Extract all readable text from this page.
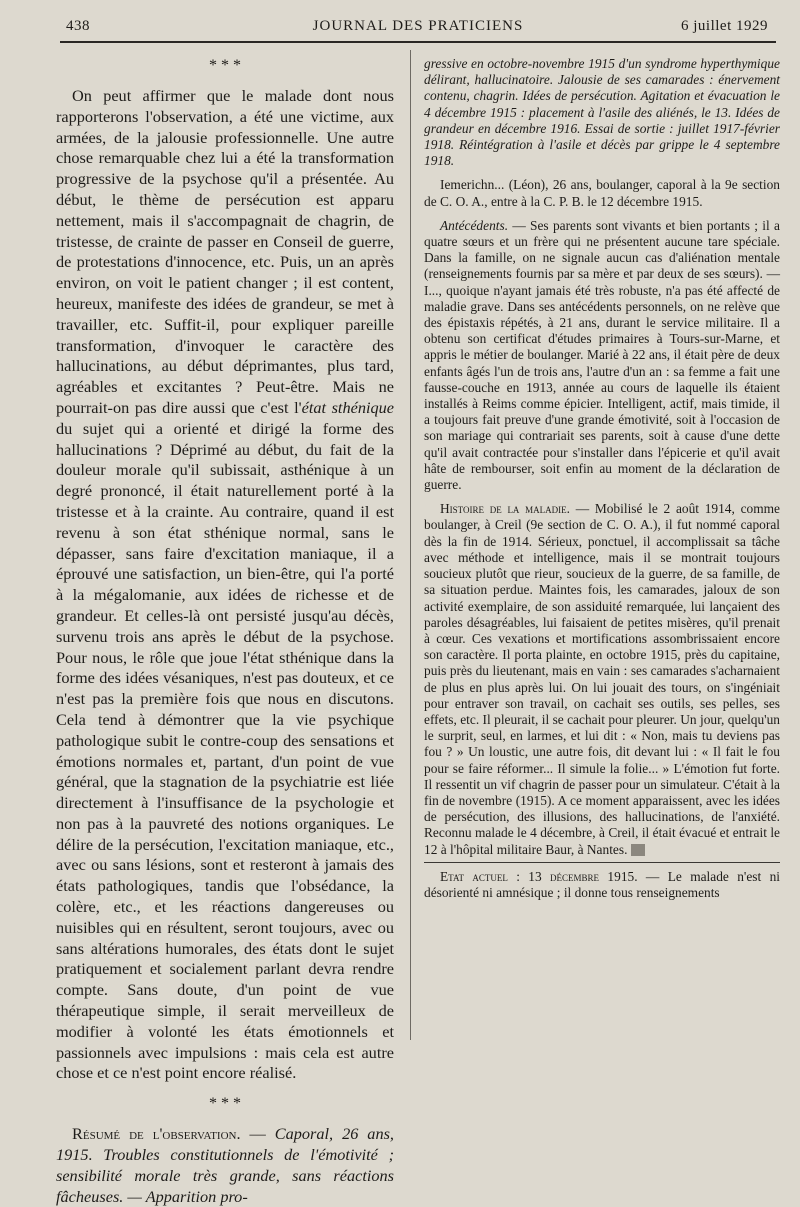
438	JOURNAL DES PRATICIENS	6 juillet 1929
* * *

On peut affirmer que le malade dont nous rapporterons l'observation, a été une victime, aux armées, de la jalousie professionnelle. Une autre chose remarquable chez lui a été la transformation progressive de la psychose qu'il a présentée. Au début, le thème de persécution est apparu nettement, mais il s'accompagnait de chagrin, de tristesse, de crainte de passer en Conseil de guerre, de protestations d'innocence, etc. Puis, un an après environ, on voit le patient changer ; il est content, heureux, manifeste des idées de grandeur, se met à travailler, etc. Suffit-il, pour expliquer pareille transformation, d'invoquer le caractère des hallucinations, au début déprimantes, plus tard, agréables et excitantes ? Peut-être. Mais ne pourrait-on pas dire aussi que c'est l'état sthénique du sujet qui a orienté et dirigé la forme des hallucinations ? Déprimé au début, du fait de la douleur morale qu'il subissait, asthénique à un degré prononcé, il était naturellement porté à la tristesse et à la crainte. Au contraire, quand il est revenu à son état sthénique normal, sans le dépasser, sans faire d'excitation maniaque, il a éprouvé une satisfaction, un bien-être, qui l'a porté à la mégalomanie, aux idées de richesse et de grandeur. Et celles-là ont persisté jusqu'au décès, survenu trois ans après le début de la psychose. Pour nous, le rôle que joue l'état sthénique dans la forme des idées vésaniques, n'est pas douteux, et ce n'est pas la première fois que nous en discutons. Cela tend à démontrer que la vie psychique pathologique subit le contre-coup des sensations et émotions normales et, partant, d'un point de vue général, que la stagnation de la psychiatrie est liée directement à l'insuffisance de la psychologie et non pas à la pauvreté des notions organiques. Le délire de la persécution, l'excitation maniaque, etc., avec ou sans lésions, sont et resteront à jamais des états pathologiques, tandis que l'obsédance, la colère, etc., et les réactions dangereuses ou nuisibles qui en résultent, seront toujours, avec ou sans altérations humorales, des états dont le sujet pratiquement et socialement parlant devra rendre compte. Sans doute, d'un point de vue thérapeutique simple, il serait merveilleux de modifier à volonté les états émotionnels et passionnels avec impulsions : mais cela est autre chose et ce n'est point encore réalisé.

* * *

Résumé de l'observation. — Caporal, 26 ans, 1915. Troubles constitutionnels de l'émotivité ; sensibilité morale très grande, sans réactions fâcheuses. — Apparition pro-

gressive en octobre-novembre 1915 d'un syndrome hyperthymique délirant, hallucinatoire. Jalousie de ses camarades : énervement contenu, chagrin. Idées de persécution. Agitation et évacuation le 4 décembre 1915 : placement à l'asile des aliénés, le 13. Idées de grandeur en décembre 1916. Essai de sortie : juillet 1917-février 1918. Réintégration à l'asile et décès par grippe le 4 septembre 1918.

Iemerichn... (Léon), 26 ans, boulanger, caporal à la 9e section de C. O. A., entre à la C. P. B. le 12 décembre 1915.

Antécédents. — Ses parents sont vivants et bien portants ; il a quatre sœurs et un frère qui ne présentent aucune tare spéciale. Dans la famille, on ne signale aucun cas d'aliénation mentale (renseignements fournis par sa mère et par deux de ses sœurs). — I..., quoique n'ayant jamais été très robuste, n'a pas été affecté de maladie grave. Dans ses antécédents personnels, on ne relève que des épistaxis répétés, à 21 ans, durant le service militaire. Il a obtenu son certificat d'études primaires à Tours-sur-Marne, et appris le métier de boulanger. Marié à 22 ans, il était père de deux enfants âgés l'un de trois ans, l'autre d'un an : sa femme a fait une fausse-couche en 1913, année au cours de laquelle ils étaient installés à Reims comme épicier. Intelligent, actif, mais timide, il a toujours fait preuve d'une grande émotivité, soit à l'occasion de son mariage qui contrariait ses parents, soit à cause d'une dette qu'il avait contractée pour s'installer dans l'épicerie et qu'il avait hâte de rembourser, soit enfin au moment de la déclaration de guerre.

Histoire de la maladie. — Mobilisé le 2 août 1914, comme boulanger, à Creil (9e section de C. O. A.), il fut nommé caporal dès la fin de 1914. Sérieux, ponctuel, il accomplissait sa tâche avec méthode et intelligence, mais il se montrait toujours soucieux plutôt que rieur, soucieux de la guerre, de sa famille, de sa situation perdue. Maintes fois, les camarades, jaloux de son activité exemplaire, de son assiduité remarquée, lui lançaient des paroles désagréables, lui faisaient de petites misères, qu'il prenait à cœur. Ces vexations et mortifications assombrissaient encore son caractère. Il porta plainte, en octobre 1915, près du capitaine, puis près du lieutenant, mais en vain : ses camarades s'acharnaient de plus en plus après lui. On lui jouait des tours, on s'ingéniait pour entraver son travail, on cachait ses outils, ses pelles, ses effets, etc. Il pleurait, il se cachait pour pleurer. Un jour, quelqu'un le surprit, seul, en larmes, et lui dit : « Non, mais tu deviens pas fou ? » Un loustic, une autre fois, dit devant lui : « Il fait le fou pour se faire réformer... Il simule la folie... » L'émotion fut forte. Il ressentit un vif chagrin de passer pour un simulateur. C'était à la fin de novembre (1915). A ce moment apparaissent, avec les idées de persécution, des illusions, des hallucinations, de l'anxiété. Reconnu malade le 4 décembre, à Creil, il était évacué et entrait le 12 à l'hôpital militaire Baur, à Nantes.

Etat actuel : 13 décembre 1915. — Le malade n'est ni désorienté ni amnésique ; il donne tous renseignements
